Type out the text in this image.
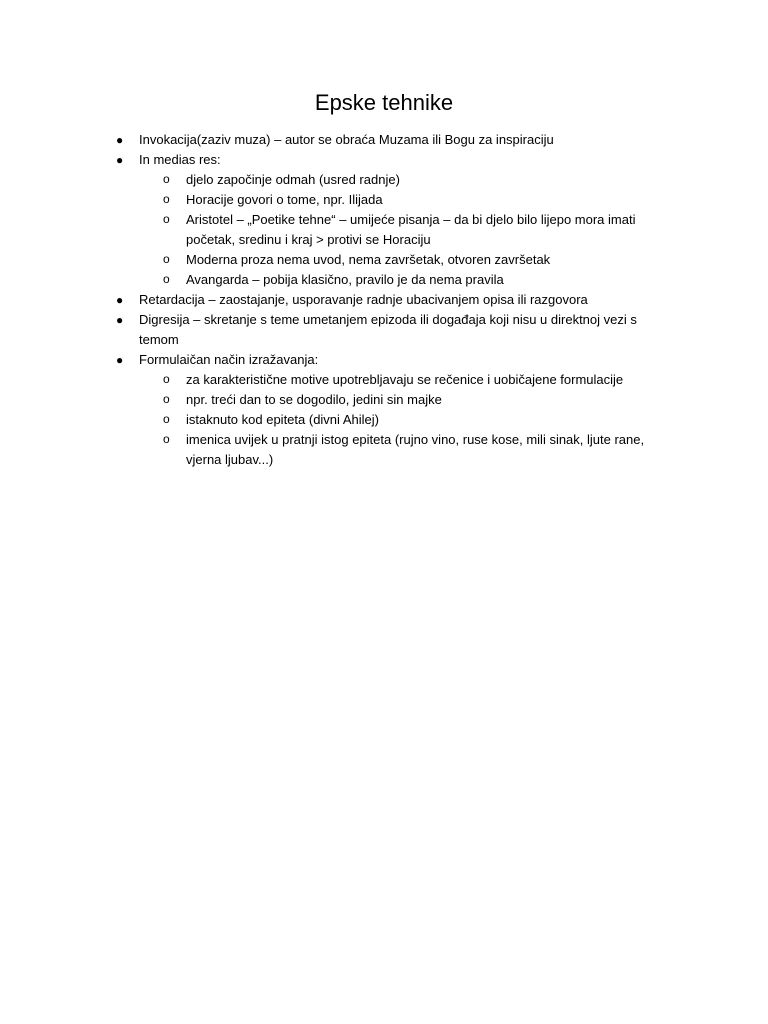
Epske tehnike
● Invokacija(zaziv muza) – autor se obraća Muzama ili Bogu za inspiraciju
● In medias res:
o djelo započinje odmah (usred radnje)
o Horacije govori o tome, npr. Ilijada
o Aristotel – „Poetike tehne“ – umijeće pisanja – da bi djelo bilo lijepo mora imati početak, sredinu i kraj > protivi se Horaciju
o Moderna proza nema uvod, nema završetak, otvoren završetak
o Avangarda – pobija klasično, pravilo je da nema pravila
● Retardacija – zaostajanje, usporavanje radnje ubacivanjem opisa ili razgovora
● Digresija – skretanje s teme umetanjem epizoda ili događaja koji nisu u direktnoj vezi s temom
● Formulaičan način izražavanja:
o za karakteristične motive upotrebljavaju se rečenice i uobičajene formulacije
o npr. treći dan to se dogodilo, jedini sin majke
o istaknuto kod epiteta (divni Ahilej)
o imenica uvijek u pratnji istog epiteta (rujno vino, ruse kose, mili sinak, ljute rane, vjerna ljubav...)
